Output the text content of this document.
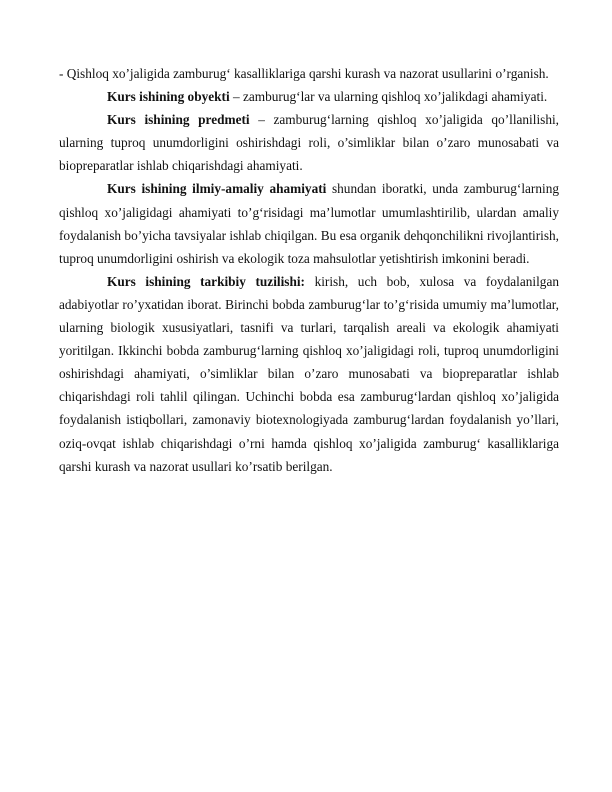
- Qishloq xo’jaligida zamburug‘ kasalliklariga qarshi kurash va nazorat usullarini o’rganish.

Kurs ishining obyekti – zamburug‘lar va ularning qishloq xo’jalikdagi ahamiyati.

Kurs ishining predmeti – zamburug‘larning qishloq xo’jaligida qo’llanilishi, ularning tuproq unumdorligini oshirishdagi roli, o’simliklar bilan o’zaro munosabati va biopreparatlar ishlab chiqarishdagi ahamiyati.

Kurs ishining ilmiy-amaliy ahamiyati shundan iboratki, unda zamburug‘larning qishloq xo’jaligidagi ahamiyati to’g‘risidagi ma’lumotlar umumlashtirilib, ulardan amaliy foydalanish bo’yicha tavsiyalar ishlab chiqilgan. Bu esa organik dehqonchilikni rivojlantirish, tuproq unumdorligini oshirish va ekologik toza mahsulotlar yetishtirish imkonini beradi.

Kurs ishining tarkibiy tuzilishi: kirish, uch bob, xulosa va foydalanilgan adabiyotlar ro’yxatidan iborat. Birinchi bobda zamburug‘lar to’g‘risida umumiy ma’lumotlar, ularning biologik xususiyatlari, tasnifi va turlari, tarqalish areali va ekologik ahamiyati yoritilgan. Ikkinchi bobda zamburug‘larning qishloq xo’jaligidagi roli, tuproq unumdorligini oshirishdagi ahamiyati, o’simliklar bilan o’zaro munosabati va biopreparatlar ishlab chiqarishdagi roli tahlil qilingan. Uchinchi bobda esa zamburug‘lardan qishloq xo’jaligida foydalanish istiqbollari, zamonaviy biotexnologiyada zamburug‘lardan foydalanish yo’llari, oziq-ovqat ishlab chiqarishdagi o’rni hamda qishloq xo’jaligida zamburug‘ kasalliklariga qarshi kurash va nazorat usullari ko’rsatib berilgan.
